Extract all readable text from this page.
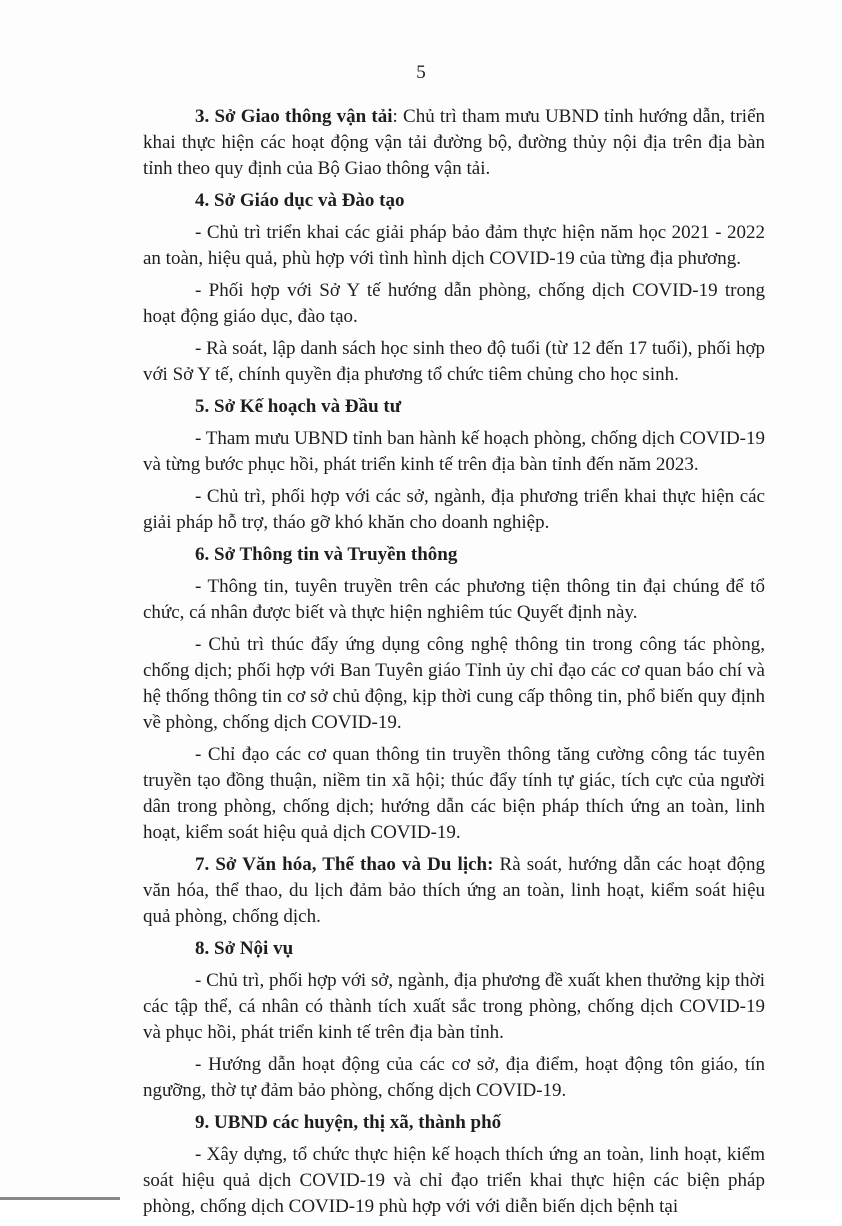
5

3. Sở Giao thông vận tải: Chủ trì tham mưu UBND tỉnh hướng dẫn, triển khai thực hiện các hoạt động vận tải đường bộ, đường thủy nội địa trên địa bàn tỉnh theo quy định của Bộ Giao thông vận tải.

4. Sở Giáo dục và Đào tạo

- Chủ trì triển khai các giải pháp bảo đảm thực hiện năm học 2021 - 2022 an toàn, hiệu quả, phù hợp với tình hình dịch COVID-19 của từng địa phương.

- Phối hợp với Sở Y tế hướng dẫn phòng, chống dịch COVID-19 trong hoạt động giáo dục, đào tạo.

- Rà soát, lập danh sách học sinh theo độ tuổi (từ 12 đến 17 tuổi), phối hợp với Sở Y tế, chính quyền địa phương tổ chức tiêm chủng cho học sinh.

5. Sở Kế hoạch và Đầu tư

- Tham mưu UBND tỉnh ban hành kế hoạch phòng, chống dịch COVID-19 và từng bước phục hồi, phát triển kinh tế trên địa bàn tỉnh đến năm 2023.

- Chủ trì, phối hợp với các sở, ngành, địa phương triển khai thực hiện các giải pháp hỗ trợ, tháo gỡ khó khăn cho doanh nghiệp.

6. Sở Thông tin và Truyền thông

- Thông tin, tuyên truyền trên các phương tiện thông tin đại chúng để tổ chức, cá nhân được biết và thực hiện nghiêm túc Quyết định này.

- Chủ trì thúc đẩy ứng dụng công nghệ thông tin trong công tác phòng, chống dịch; phối hợp với Ban Tuyên giáo Tỉnh ủy chỉ đạo các cơ quan báo chí và hệ thống thông tin cơ sở chủ động, kịp thời cung cấp thông tin, phổ biến quy định về phòng, chống dịch COVID-19.

- Chỉ đạo các cơ quan thông tin truyền thông tăng cường công tác tuyên truyền tạo đồng thuận, niềm tin xã hội; thúc đẩy tính tự giác, tích cực của người dân trong phòng, chống dịch; hướng dẫn các biện pháp thích ứng an toàn, linh hoạt, kiểm soát hiệu quả dịch COVID-19.

7. Sở Văn hóa, Thể thao và Du lịch: Rà soát, hướng dẫn các hoạt động văn hóa, thể thao, du lịch đảm bảo thích ứng an toàn, linh hoạt, kiểm soát hiệu quả phòng, chống dịch.

8. Sở Nội vụ

- Chủ trì, phối hợp với sở, ngành, địa phương đề xuất khen thưởng kịp thời các tập thể, cá nhân có thành tích xuất sắc trong phòng, chống dịch COVID-19 và phục hồi, phát triển kinh tế trên địa bàn tỉnh.

- Hướng dẫn hoạt động của các cơ sở, địa điểm, hoạt động tôn giáo, tín ngưỡng, thờ tự đảm bảo phòng, chống dịch COVID-19.

9. UBND các huyện, thị xã, thành phố

- Xây dựng, tổ chức thực hiện kế hoạch thích ứng an toàn, linh hoạt, kiểm soát hiệu quả dịch COVID-19 và chỉ đạo triển khai thực hiện các biện pháp phòng, chống dịch COVID-19 phù hợp với với diễn biến dịch bệnh tại
